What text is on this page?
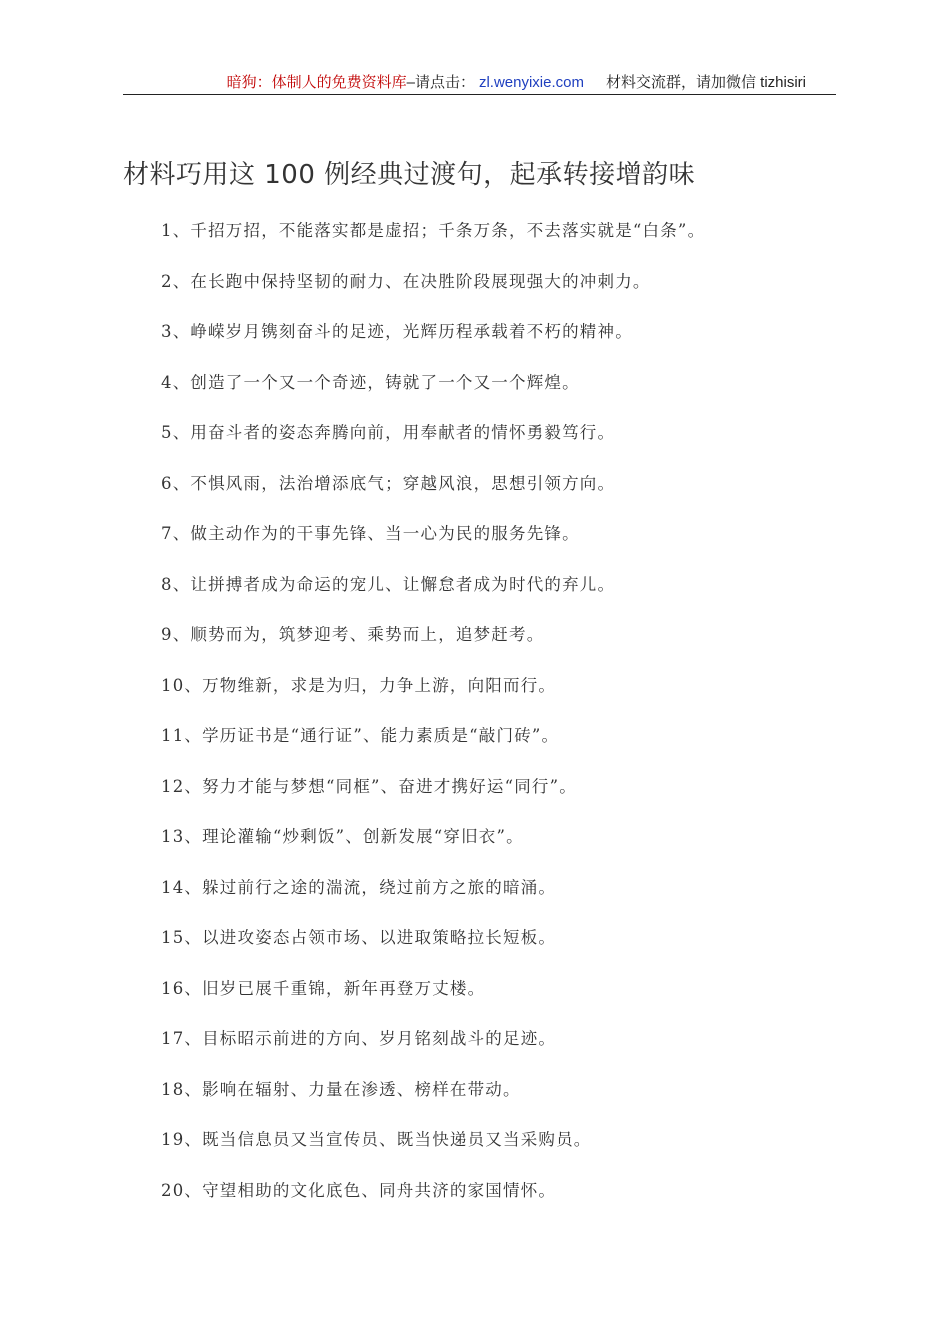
暗狗：体制人的免费资料库–请点击： zl.wenyixie.com 材料交流群，请加微信 tizhisiri
材料巧用这 100 例经典过渡句，起承转接增韵味
1、千招万招，不能落实都是虚招；千条万条，不去落实就是“白条”。
2、在长跑中保持坚韧的耐力、在决胜阶段展现强大的冲刺力。
3、峥嵘岁月镌刻奋斗的足迹，光辉历程承载着不朽的精神。
4、创造了一个又一个奇迹，铸就了一个又一个辉煌。
5、用奋斗者的姿态奔腾向前，用奉献者的情怀勇毅笃行。
6、不惧风雨，法治增添底气；穿越风浪，思想引领方向。
7、做主动作为的干事先锋、当一心为民的服务先锋。
8、让拼搏者成为命运的宠儿、让懈怠者成为时代的弃儿。
9、顺势而为，筑梦迎考、乘势而上，追梦赶考。
10、万物维新，求是为归，力争上游，向阳而行。
11、学历证书是“通行证”、能力素质是“敲门砖”。
12、努力才能与梦想“同框”、奋进才携好运“同行”。
13、理论灌输“炒剩饭”、创新发展“穿旧衣”。
14、躲过前行之途的湍流，绕过前方之旅的暗涌。
15、以进攻姿态占领市场、以进取策略拉长短板。
16、旧岁已展千重锦，新年再登万丈楼。
17、目标昭示前进的方向、岁月铭刻战斗的足迹。
18、影响在辐射、力量在渗透、榜样在带动。
19、既当信息员又当宣传员、既当快递员又当采购员。
20、守望相助的文化底色、同舟共济的家国情怀。
